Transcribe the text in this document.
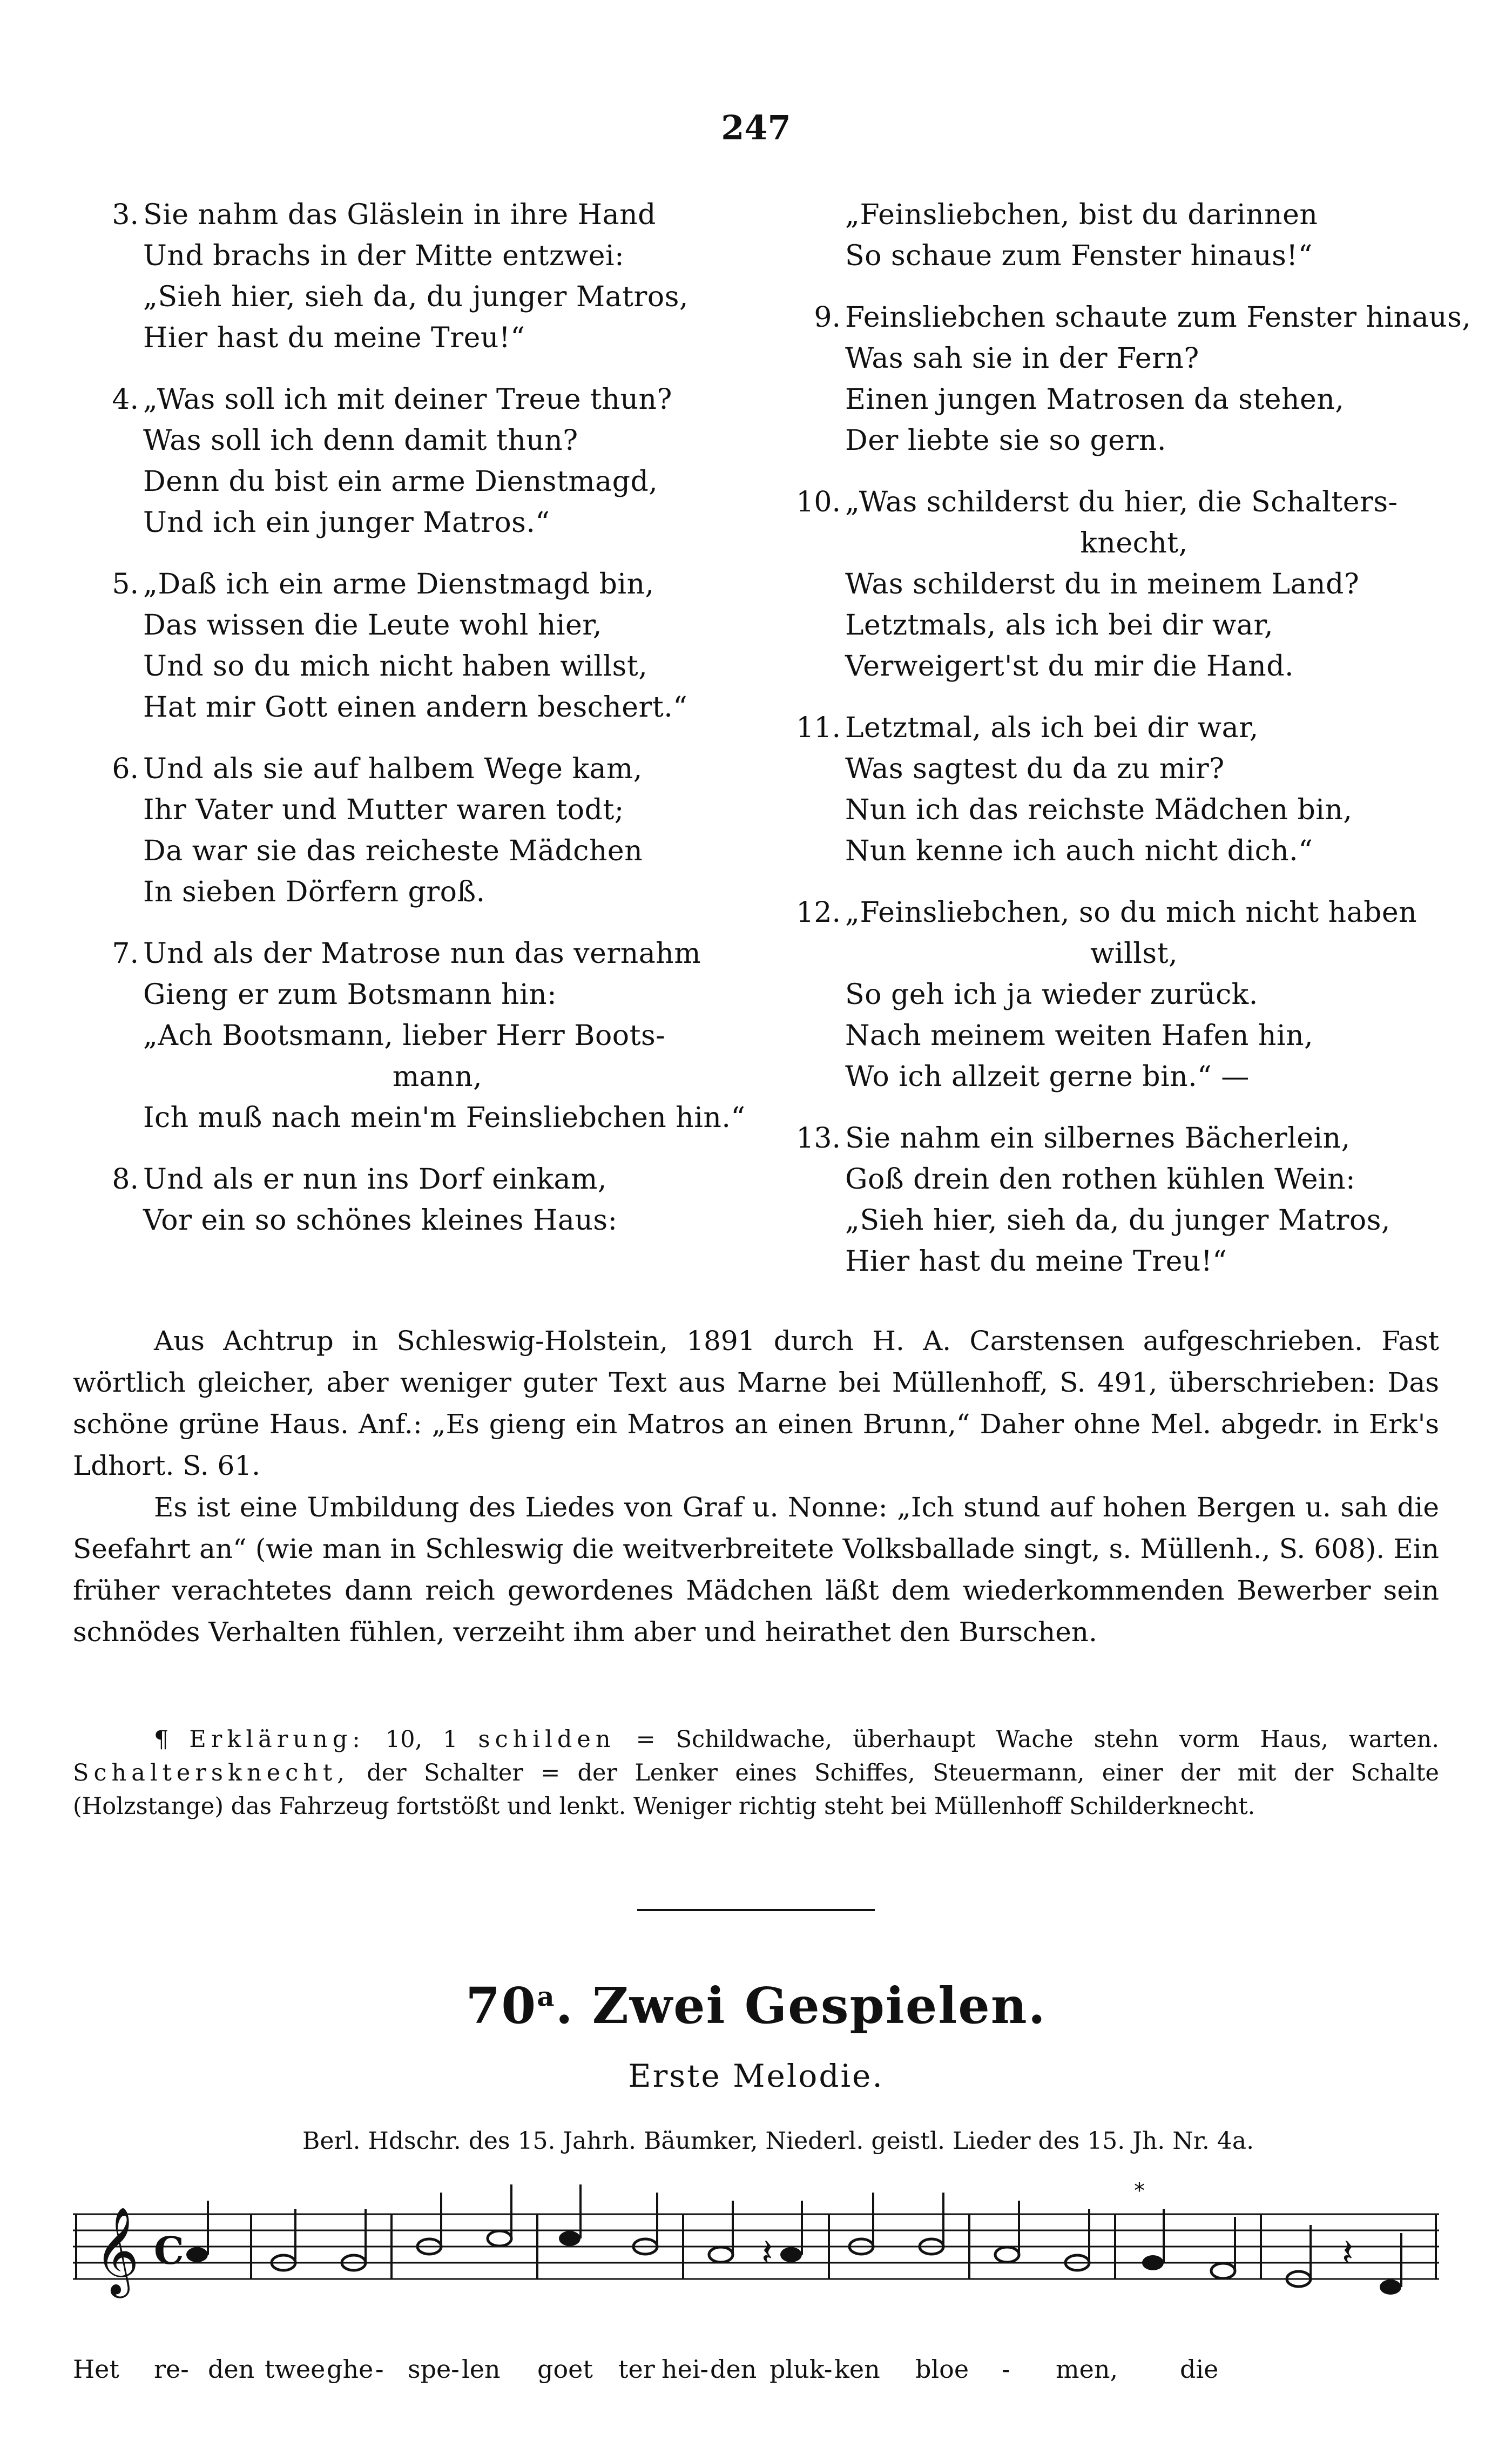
247
3. Sie nahm das Gläslein in ihre Hand
Und brachs in der Mitte entzwei:
„Sieh hier, sieh da, du junger Matros,
Hier hast du meine Treu!“
4. „Was soll ich mit deiner Treue thun?
Was soll ich denn damit thun?
Denn du bist ein arme Dienstmagd,
Und ich ein junger Matros.“
5. „Daß ich ein arme Dienstmagd bin,
Das wissen die Leute wohl hier,
Und so du mich nicht haben willst,
Hat mir Gott einen andern beschert.“
6. Und als sie auf halbem Wege kam,
Ihr Vater und Mutter waren todt;
Da war sie das reicheste Mädchen
In sieben Dörfern groß.
7. Und als der Matrose nun das vernahm
Gieng er zum Botsmann hin:
„Ach Bootsmann, lieber Herr Boots-
mann,
Ich muß nach mein'm Feinsliebchen hin.“
8. Und als er nun ins Dorf einkam,
Vor ein so schönes kleines Haus:
„Feinsliebchen, bist du darinnen
So schaue zum Fenster hinaus!“
9. Feinsliebchen schaute zum Fenster hinaus,
Was sah sie in der Fern?
Einen jungen Matrosen da stehen,
Der liebte sie so gern.
10. „Was schilderst du hier, die Schalters-
knecht,
Was schilderst du in meinem Land?
Letztmals, als ich bei dir war,
Verweigert'st du mir die Hand.
11. Letztmal, als ich bei dir war,
Was sagtest du da zu mir?
Nun ich das reichste Mädchen bin,
Nun kenne ich auch nicht dich.“
12. „Feinsliebchen, so du mich nicht haben
willst,
So geh ich ja wieder zurück.
Nach meinem weiten Hafen hin,
Wo ich allzeit gerne bin.“ —
13. Sie nahm ein silbernes Bächerlein,
Goß drein den rothen kühlen Wein:
„Sieh hier, sieh da, du junger Matros,
Hier hast du meine Treu!“

Aus Achtrup in Schleswig-Holstein, 1891 durch H. A. Carstensen aufgeschrieben. Fast wörtlich gleicher, aber weniger guter Text aus Marne bei Müllenhoff, S. 491, überschrieben: Das schöne grüne Haus. Anf.: „Es gieng ein Matros an einen Brunn,“ Daher ohne Mel. abgedr. in Erk's Ldhort. S. 61.

Es ist eine Umbildung des Liedes von Graf u. Nonne: „Ich stund auf hohen Bergen u. sah die Seefahrt an“ (wie man in Schleswig die weitverbreitete Volksballade singt, s. Müllenh., S. 608). Ein früher verachtetes dann reich gewordenes Mädchen läßt dem wiederkommenden Bewerber sein schnödes Verhalten fühlen, verzeiht ihm aber und heirathet den Burschen.

¶ Erklärung: 10, 1 schilden = Schildwache, überhaupt Wache stehn vorm Haus, warten. Schaltersknecht, der Schalter = der Lenker eines Schiffes, Steuermann, einer der mit der Schalte (Holzstange) das Fahrzeug fortstößt und lenkt. Weniger richtig steht bei Müllenhoff Schilderknecht.

70$^a$. Zwei Gespielen.
Erste Melodie.
Berl. Hdschr. des 15. Jahrh. Bäumker, Niederl. geistl. Lieder des 15. Jh. Nr. 4a.
𝄞 C
*
𝄽
𝄽
Het re- den twee ghe - spe- len goet ter hei- den pluk- ken bloe - men, die
